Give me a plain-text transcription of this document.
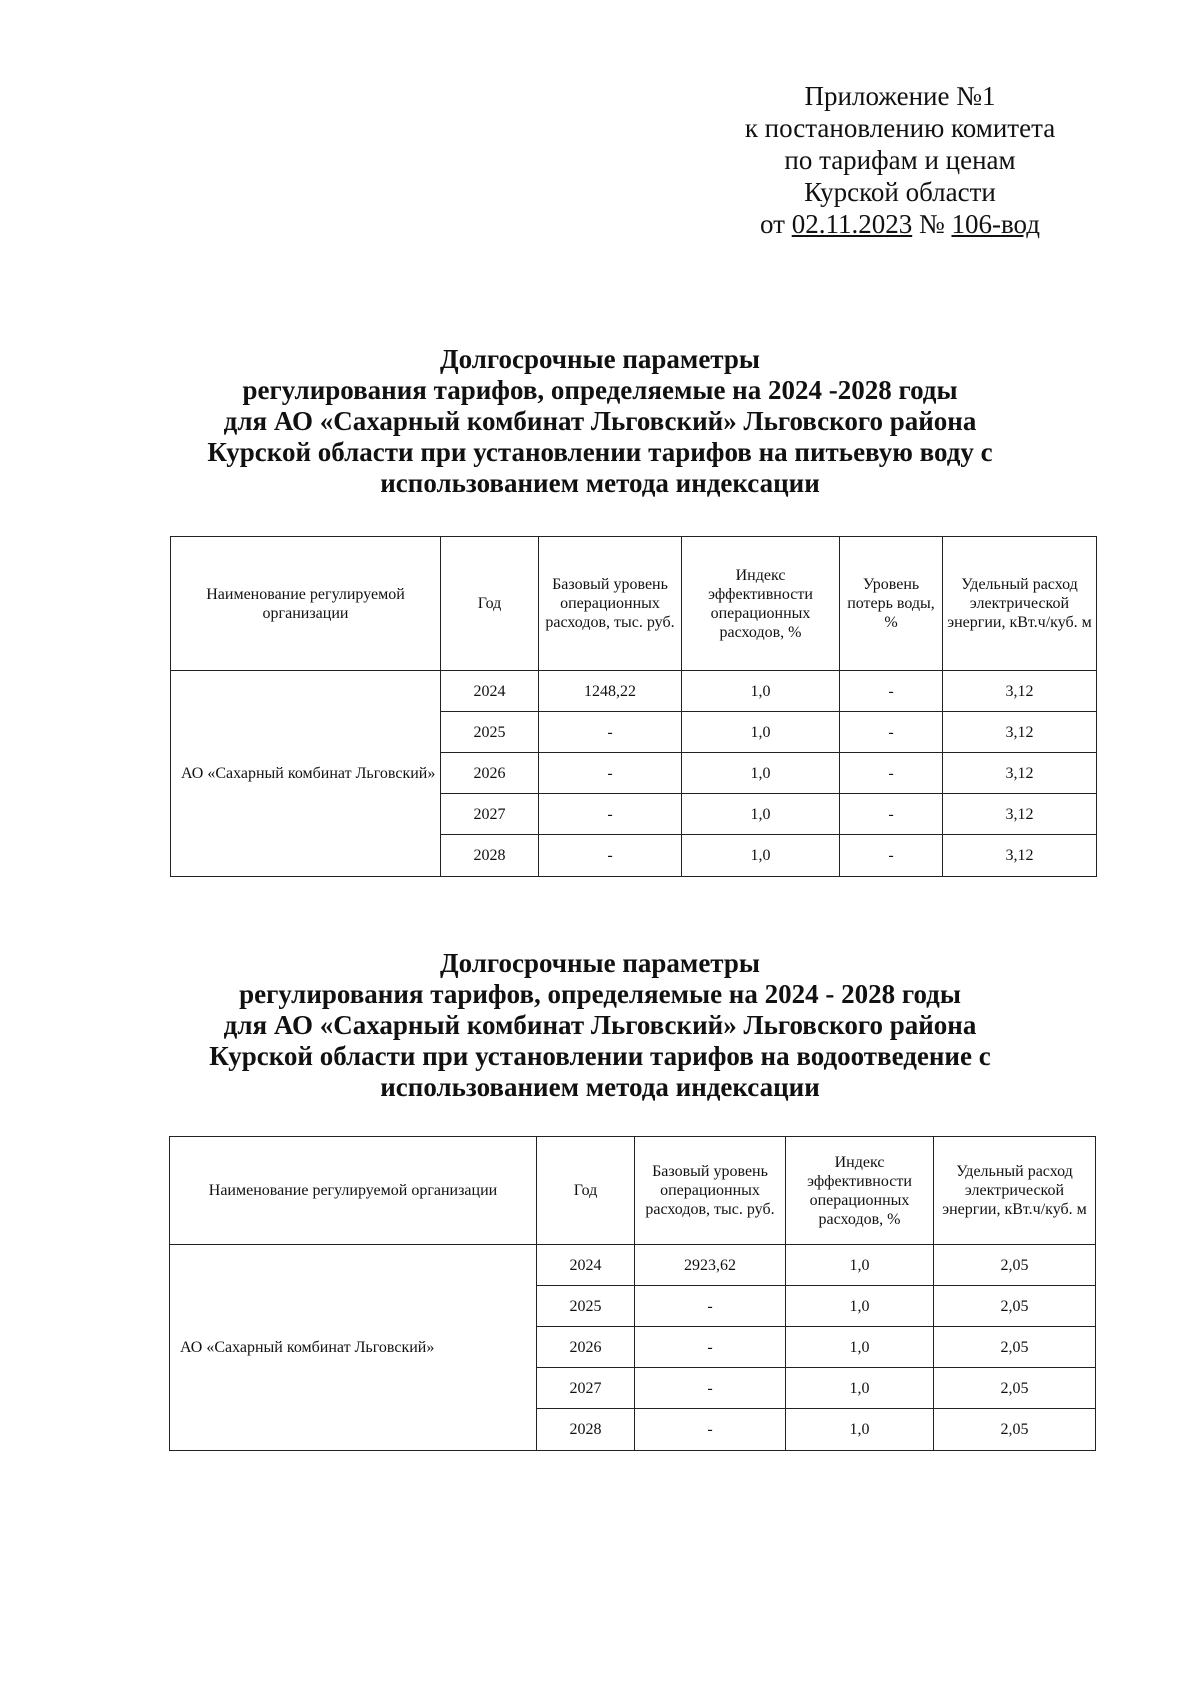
Приложение №1
к постановлению комитета
по тарифам и ценам
Курской области
от 02.11.2023 № 106-вод
Долгосрочные параметры
регулирования тарифов, определяемые на 2024 -2028 годы
для АО «Сахарный комбинат Льговский» Льговского района
Курской области при установлении тарифов на питьевую воду с
использованием метода индексации
Наименование регулируемой организации	Год	Базовый уровень операционных расходов, тыс. руб.	Индекс эффективности операционных расходов, %	Уровень потерь воды, %	Удельный расход электрической энергии, кВт.ч/куб. м
АО «Сахарный комбинат Льговский»	2024	1248,22	1,0	-	3,12
	2025	-	1,0	-	3,12
	2026	-	1,0	-	3,12
	2027	-	1,0	-	3,12
	2028	-	1,0	-	3,12
Долгосрочные параметры
регулирования тарифов, определяемые на 2024 - 2028 годы
для АО «Сахарный комбинат Льговский» Льговского района
Курской области при установлении тарифов на водоотведение с
использованием метода индексации
Наименование регулируемой организации	Год	Базовый уровень операционных расходов, тыс. руб.	Индекс эффективности операционных расходов, %	Удельный расход электрической энергии, кВт.ч/куб. м
АО «Сахарный комбинат Льговский»	2024	2923,62	1,0	2,05
	2025	-	1,0	2,05
	2026	-	1,0	2,05
	2027	-	1,0	2,05
	2028	-	1,0	2,05
